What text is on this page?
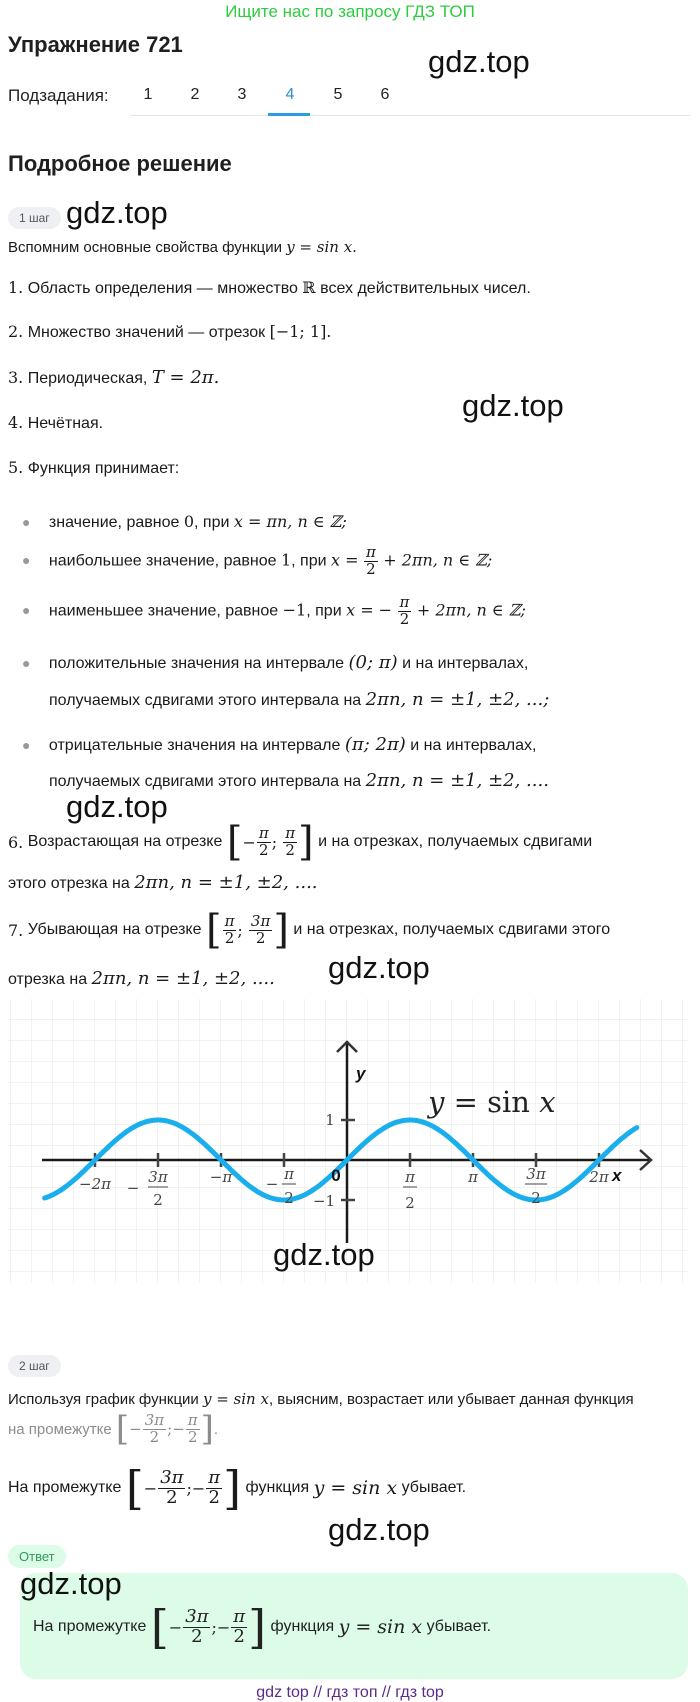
Ищите нас по запросу ГДЗ ТОП
Упражнение 721	gdz.top
Подзадания:	1	2	3	4	5	6
Подробное решение
1 шаг gdz.top
Вспомним основные свойства функции y = sin x.
1. Область определения — множество ℝ всех действительных чисел.
2. Множество значений — отрезок [−1; 1].
3. Периодическая, T = 2π.
gdz.top
4. Нечётная.
5. Функция принимает:
● значение, равное 0, при x = πn, n ∈ ℤ;
● наибольшее значение, равное 1, при $x = \frac{\pi}{2} + 2\pi n$, n ∈ ℤ;
● наименьшее значение, равное −1, при x = − $\frac{\pi}{2} + 2\pi n$, n ∈ ℤ;
● положительные значения на интервале (0; π) и на интервалах,
получаемых сдвигами этого интервала на 2πn, n = ±1, ±2, ...;
● отрицательные значения на интервале (π; 2π) и на интервалах,
получаемых сдвигами этого интервала на 2πn, n = ±1, ±2, ....
gdz.top
6.
Возрастающая на отрезке
[ − $\frac{\pi}{2}$ ; $\frac{\pi}{2}$ ]
и на отрезках, получаемых сдвигами
этого отрезка на 2πn, n = ±1, ±2, ....
7.
Убывающая на отрезке
[ $\frac{\pi}{2}$ ; $\frac{3\pi}{2}$ ]
и на отрезках, получаемых сдвигами этого
gdz.top
отрезка на 2πn, n = ±1, ±2, ....
−2π 3π
2
−
−π	π
2
−	π
2
π	3π
2
2π
1
−1
0	x
y
y = sin x
gdz.top
2 шаг
Используя график функции y = sin x, выясним, возрастает или убывает данная функция
на промежутке
[ − $\frac{3\pi}{2}$ ;− $\frac{\pi}{2}$ ] .
На промежутке
[ − $\frac{3\pi}{2}$ ;− $\frac{\pi}{2}$ ]
функция
y = sin x
убывает.
gdz.top
Ответ
gdz.top
На промежутке
[ − $\frac{3\pi}{2}$ ;− $\frac{\pi}{2}$ ]
функция
y = sin x
убывает.
gdz top // гдз топ // гдз top
